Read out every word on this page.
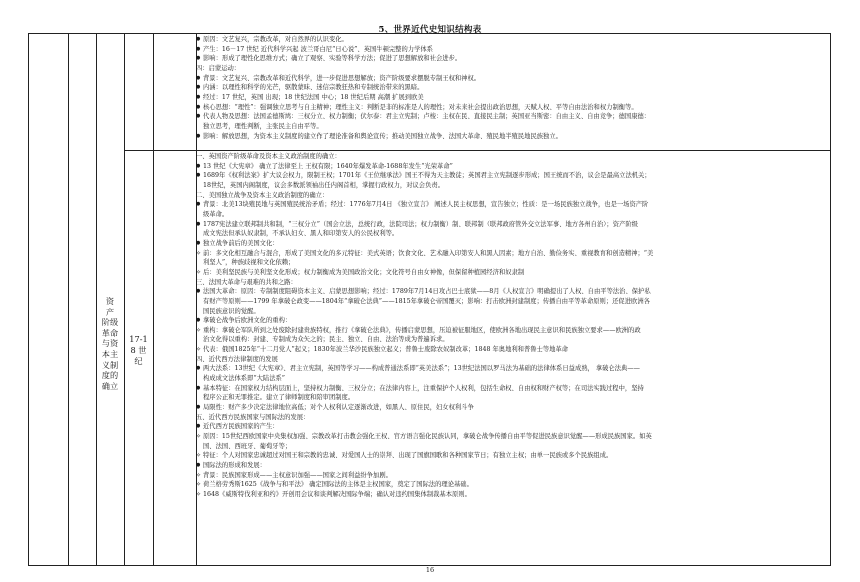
5、世界近代史知识结构表
资
产
阶级
革命
与资
本主
义制
度的
确立
17-1
8 世
纪
● 原因：文艺复兴，宗教改革，对自然界的认识变化。
● 产生：16－17 世纪 近代科学兴起 波兰哥白尼“日心说”、英国牛顿完整的力学体系
● 影响：形成了理性化思维方式；确立了观察、实验等科学方法；促进了思想解放和社会进步。
四：启蒙运动：
● 背景：文艺复兴、宗教改革和近代科学，进一步促进思想解放；资产阶级要求摆脱专制王权和神权。
● 内涵：以理性和科学的光芒，驱散蒙昧、迷信宗教狂热和专制统治带来的黑暗。
● 经过：17 世纪，英国 出现；18 世纪法国 中心；18 世纪后期 高潮 扩展到欧美
● 核心思想：“理性”：强调独立思考与自主精神；理性主义：判断是非的标准是人的理性；对未来社会提出政治思想，天赋人权、平等自由法治和权力制衡等。
● 代表人物及思想：法国孟德斯鸠：三权分立、权力制衡；伏尔泰：君主立宪制；卢梭：主权在民、直接民主制；英国亚当斯密：自由主义、自由竞争；德国康德：
独立思考，理性判断，主张民主自由平等。
● 影响：解放思想，为资本主义制度的建立作了理论准备和舆论宣传；推动美国独立战争、法国大革命、殖民地半殖民地民族独立。
一、英国资产阶级革命及资本主义政治制度的确立：
● 13 世纪《大宪章》 确立了法律至上 王权有限；1640年爆发革命-1688年发生“光荣革命”
● 1689年《权利法案》扩大议会权力，限制王权；1701年《王位继承法》国王不得为天主教徒；英国君主立宪制逐步形成；国王统而不治，议会是最高立法机关；
18世纪，英国内阁制度，议会多数派领袖出任内阁首相，掌握行政权力，对议会负责。
二、美国独立战争及资本主义政治制度的确立：
● 背景：北美13块殖民地与英国殖民统治矛盾；经过：1776年7月4日 《独立宣言》 阐述人民主权思想，宣告独立；性质：是一场民族独立战争，也是一场资产阶
级革命。
● 1787宪法建立联邦制共和制，“三权分立”（国会立法，总统行政，法院司法；权力制衡）制、联邦制（联邦政府管外交立法军事、地方各州自治）；资产阶级
成文宪法但承认奴隶制，不承认妇女、黑人和印第安人的公民权利等。
● 独立战争前后的美国文化：
✧ 前：多文化相互融合与混合，形成了美国文化的多元特征：美式英语；饮食文化、艺术融入印第安人和黑人因素；地方自治、勤俭务实、重视教育和创造精神；“美
利坚人”，种族歧视和文化依赖；
✧ 后：美利坚民族与美利坚文化形成；权力制衡成为美国政治文化；文化符号自由女神像，但保留种植园经济和奴隶制
三、法国大革命与艰难的共和之路：
● 法国大革命：原因：专制制度阻碍资本主义、启蒙思想影响；经过：1789年7月14日攻占巴士底狱——8月《人权宣言》明确提出了人权、自由平等法治、保护私
有财产等原则——1799 年拿破仑政变——1804年“拿破仑法典”——1815年拿破仑帝国覆灭；影响：打击欧洲封建制度；传播自由平等革命原则；还促进欧洲各
国民族意识的觉醒。
● 拿破仑战争后欧洲文化的重构：
✧ 重构：拿破仑军队所到之处废除封建贵族特权，推行《拿破仑法典》，传播启蒙思想，压迫被征服地区，使欧洲各地出现民主意识和民族独立要求——欧洲的政
治文化得以重构：封建、专制成为众矢之的；民主、独立、自由、法治等成为普遍诉求。
✧ 代表：俄国1825年“十二月党人”起义；1830年波兰华沙民族独立起义；普鲁士废除农奴制改革；1848 年奥地利和普鲁士等地革命
四、近代西方法律制度的发展
● 两大法系：13世纪《大宪章》、君主立宪制，英国等学习——构成普通法系即“英美法系”；13世纪法国以罗马法为基础的法律体系日益成熟， 拿破仑法典——
构成成文法体系即“大陆法系”
● 基本特征：在国家权力结构层面上，坚持权力制衡、三权分立；在法律内容上，注重保护个人权利，包括生命权、自由权和财产权等；在司法实践过程中，坚持
程序公正和无罪推定。建立了律师制度和陪审团制度。
● 局限性：财产多少决定法律地位高低；对个人权利认定逐渐改进，如黑人、原住民，妇女权利斗争
五、近代西方民族国家与国际法的发展：
● 近代西方民族国家的产生：
✧ 原因：15世纪西欧国家中央集权加强、宗教改革打击教会强化王权、官方语言强化民族认同，拿破仑战争传播自由平等促进民族意识觉醒——形成民族国家。如英
国、法国、西班牙、葡萄牙等；
✧ 特征：个人对国家忠诚超过对国王和宗教的忠诚、对爱国人士的崇拜、出现了国旗国歌和各种国家节日；有独立主权；由单一民族或多个民族组成。
● 国际法的形成和发展：
✧ 背景：民族国家形成——主权意识加强——国家之间利益纷争加剧。
✧ 荷兰格劳秀斯1625《战争与和平法》 确定国际法的主体是主权国家，奠定了国际法的理论基础。
✧ 1648《威斯特伐利亚和约》开创用会议和谈判解决国际争端；确认对违约国集体制裁基本原则。
16
